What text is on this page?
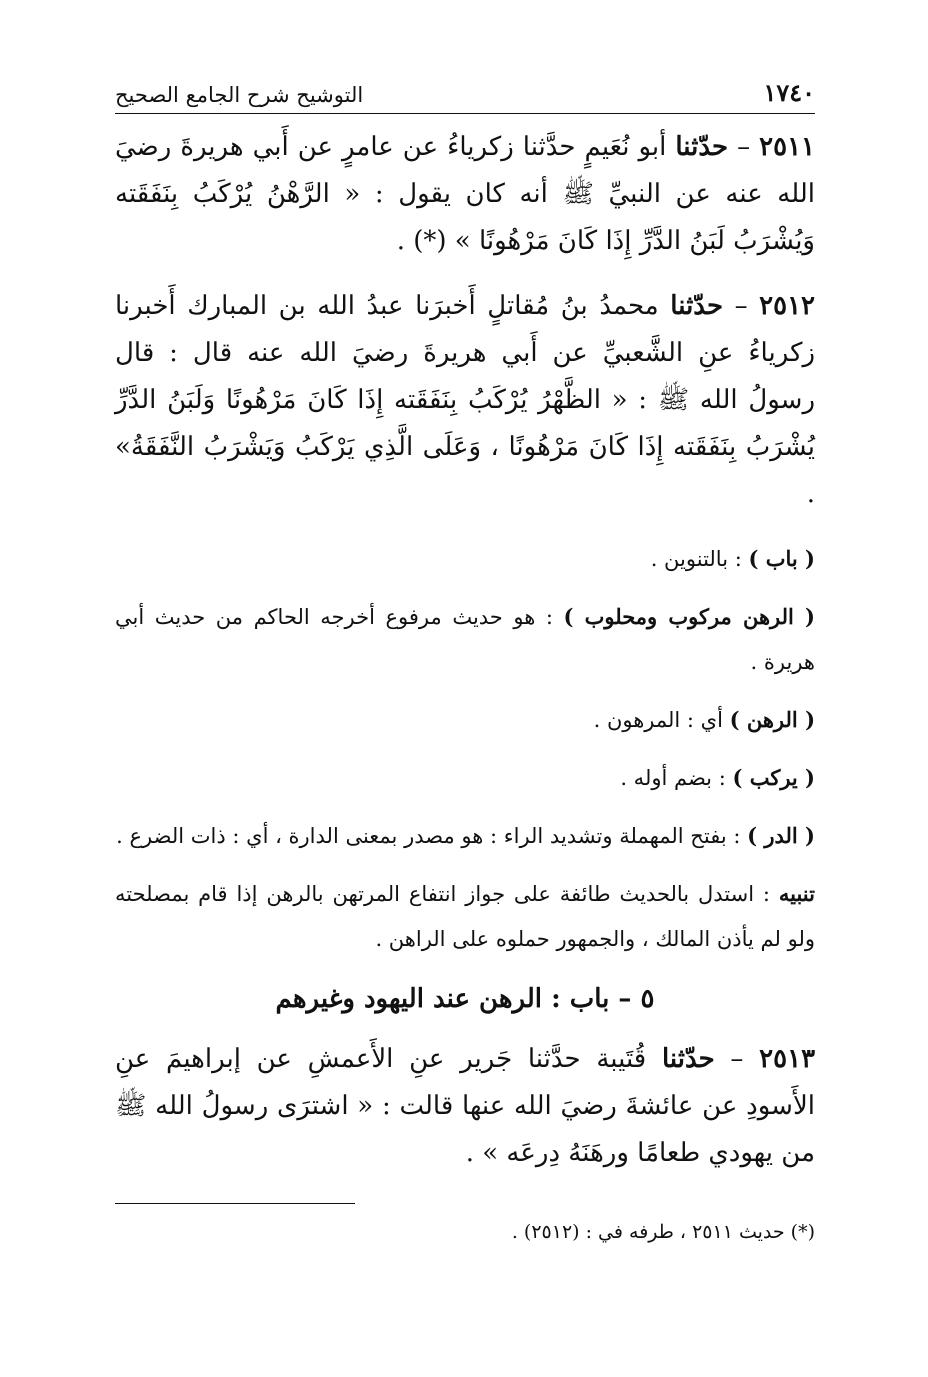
١٧٤٠
التوشيح شرح الجامع الصحيح

٢٥١١ – حدّثنا أبو نُعَيمٍ حدَّثنا زكرياءُ عن عامرٍ عن أَبي هريرةَ رضيَ الله عنه عن النبيِّ ﷺ أنه كان يقول : « الرَّهْنُ يُرْكَبُ بِنَفَقَته وَيُشْرَبُ لَبَنُ الدَّرِّ إِذَا كَانَ مَرْهُونًا » (*) .

٢٥١٢ – حدّثنا محمدُ بنُ مُقاتلٍ أَخبرَنا عبدُ الله بن المبارك أَخبرنا زكرياءُ عنِ الشَّعبيِّ عن أَبي هريرةَ رضيَ الله عنه قال : قال رسولُ الله ﷺ : « الظَّهْرُ يُرْكَبُ بِنَفَقَته إِذَا كَانَ مَرْهُونًا وَلَبَنُ الدَّرِّ يُشْرَبُ بِنَفَقَته إِذَا كَانَ مَرْهُونًا ، وَعَلَى الَّذِي يَرْكَبُ وَيَشْرَبُ النَّفَقَةُ» .

( باب ) : بالتنوين .

( الرهن مركوب ومحلوب ) : هو حديث مرفوع أخرجه الحاكم من حديث أبي هريرة .

( الرهن ) أي : المرهون .

( يركب ) : بضم أوله .

( الدر ) : بفتح المهملة وتشديد الراء : هو مصدر بمعنى الدارة ، أي : ذات الضرع .

تنبيه : استدل بالحديث طائفة على جواز انتفاع المرتهن بالرهن إذا قام بمصلحته ولو لم يأذن المالك ، والجمهور حملوه على الراهن .

٥ – باب : الرهن عند اليهود وغيرهم

٢٥١٣ – حدّثنا قُتَيبة حدَّثنا جَرير عنِ الأَعمشِ عن إبراهيمَ عنِ الأَسودِ عن عائشةَ رضيَ الله عنها قالت : « اشترَى رسولُ الله ﷺ من يهودي طعامًا ورهَنَهُ دِرعَه » .

(*) حديث ٢٥١١ ، طرفه في : (٢٥١٢) .
